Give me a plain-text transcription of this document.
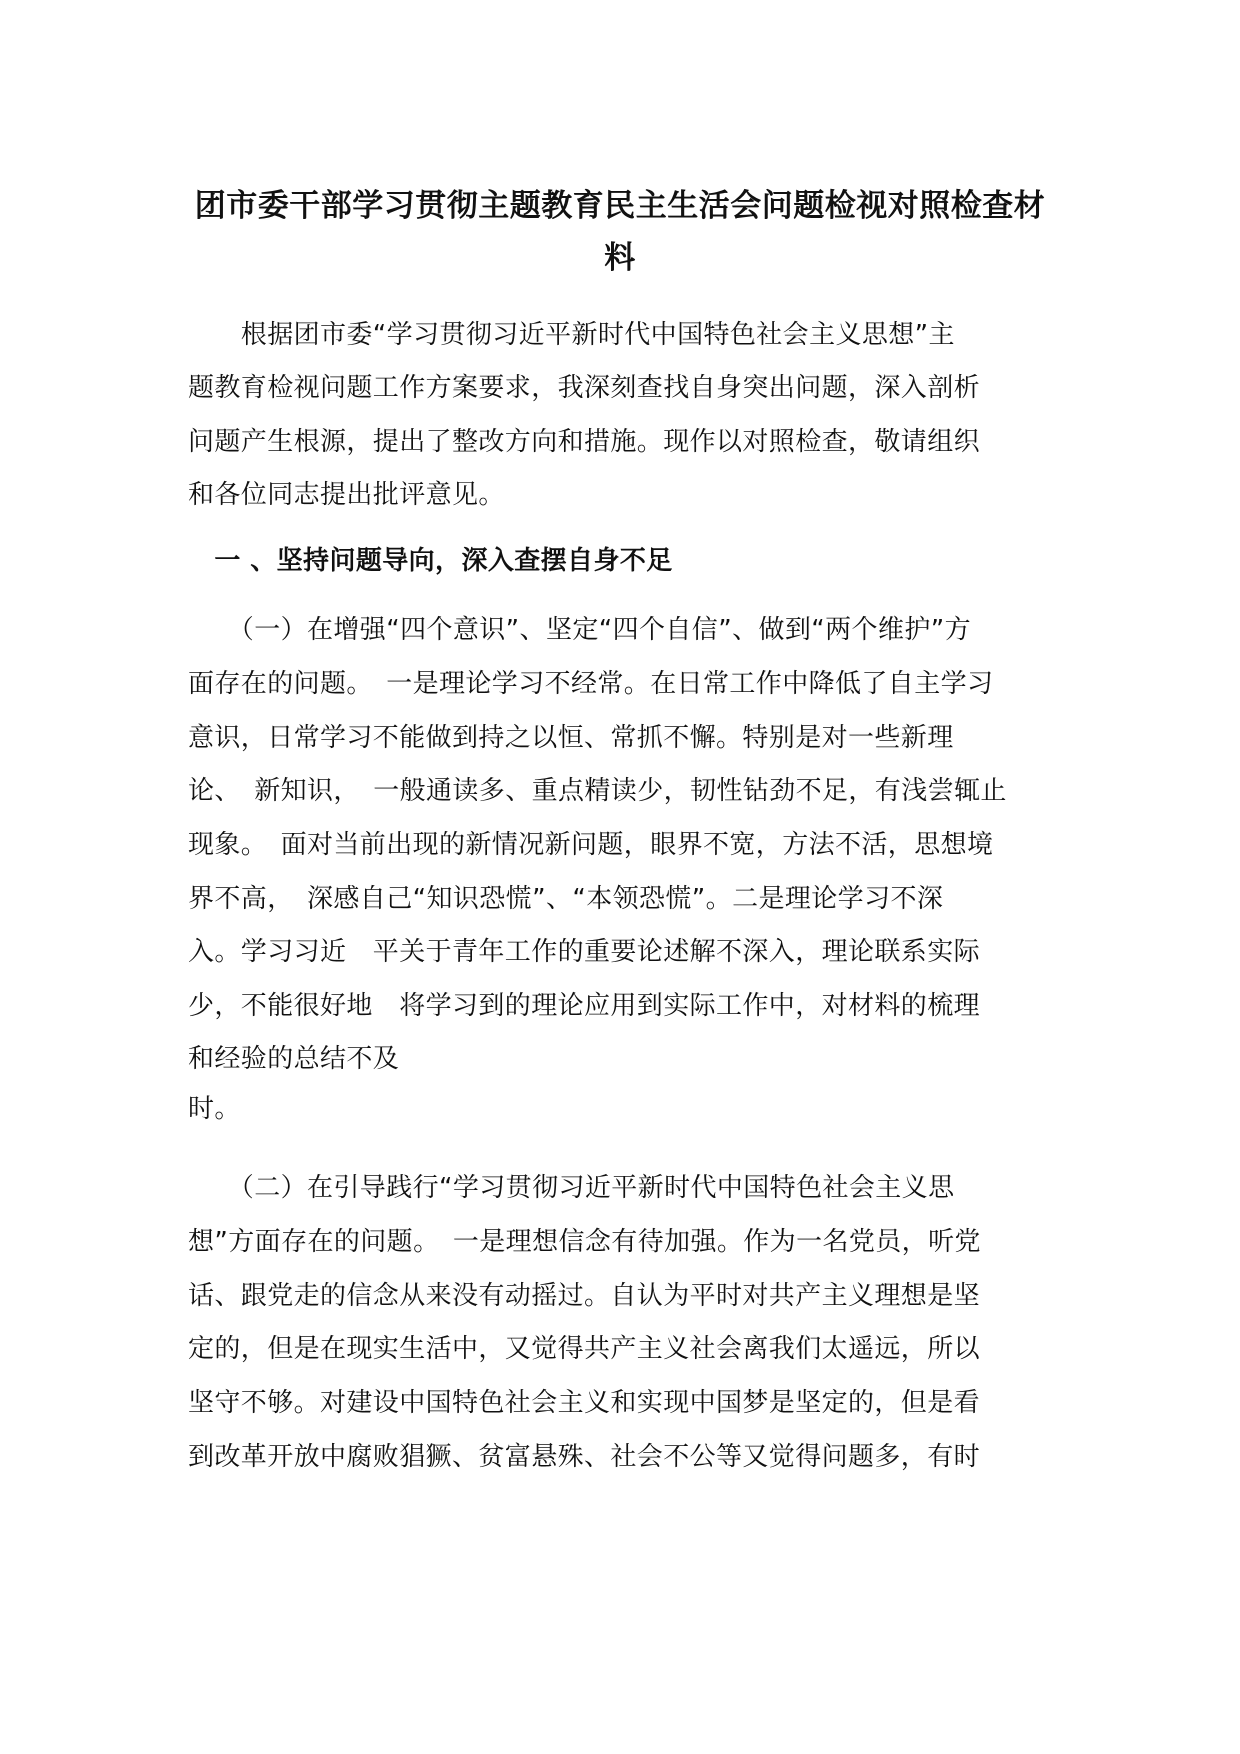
团市委干部学习贯彻主题教育民主生活会问题检视对照检查材料

　　根据团市委“学习贯彻习近平新时代中国特色社会主义思想”主

题教育检视问题工作方案要求，我深刻查找自身突出问题，深入剖析

问题产生根源，提出了整改方向和措施。现作以对照检查，敬请组织

和各位同志提出批评意见。

　一 、坚持问题导向，深入查摆自身不足

　　（一）在增强“四个意识”、坚定“四个自信”、做到“两个维护”方

面存在的问题。　一是理论学习不经常。在日常工作中降低了自主学习

意识，日常学习不能做到持之以恒、常抓不懈。特别是对一些新理

论、　新知识，　一般通读多、重点精读少，韧性钻劲不足，有浅尝辄止

现象。　面对当前出现的新情况新问题，眼界不宽，方法不活，思想境

界不高，　深感自己“知识恐慌”、“本领恐慌”。二是理论学习不深

入。学习习近　平关于青年工作的重要论述解不深入，理论联系实际

少，不能很好地　将学习到的理论应用到实际工作中，对材料的梳理

和经验的总结不及

时。

　　（二）在引导践行“学习贯彻习近平新时代中国特色社会主义思

想”方面存在的问题。　一是理想信念有待加强。作为一名党员，听党

话、跟党走的信念从来没有动摇过。自认为平时对共产主义理想是坚

定的，但是在现实生活中，又觉得共产主义社会离我们太遥远，所以

坚守不够。对建设中国特色社会主义和实现中国梦是坚定的，但是看

到改革开放中腐败猖獗、贫富悬殊、社会不公等又觉得问题多，有时
